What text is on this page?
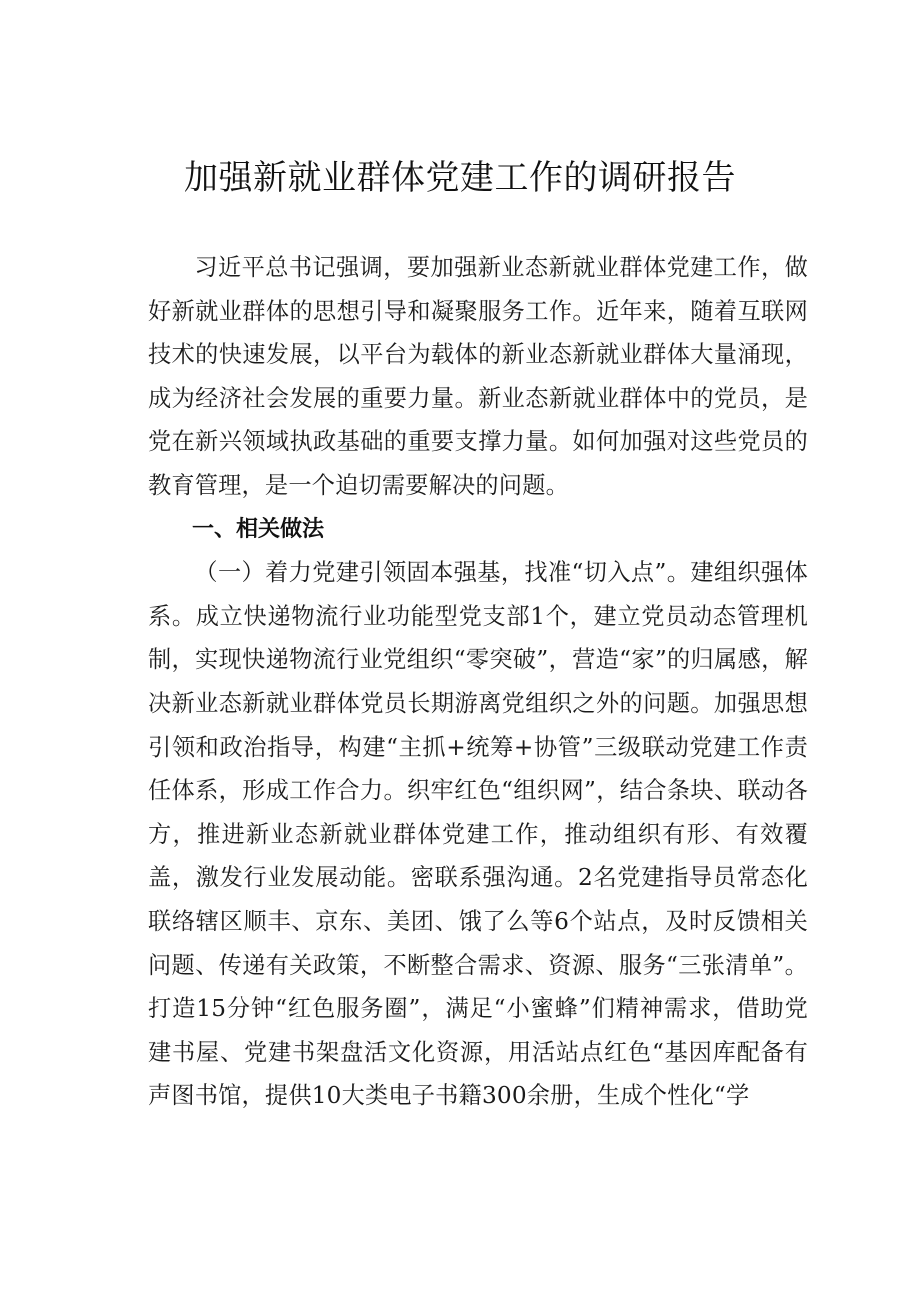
加强新就业群体党建工作的调研报告

习近平总书记强调，要加强新业态新就业群体党建工作，做好新就业群体的思想引导和凝聚服务工作。近年来，随着互联网技术的快速发展，以平台为载体的新业态新就业群体大量涌现，成为经济社会发展的重要力量。新业态新就业群体中的党员，是党在新兴领域执政基础的重要支撑力量。如何加强对这些党员的教育管理，是一个迫切需要解决的问题。

一、相关做法

（一）着力党建引领固本强基，找准“切入点”。建组织强体系。成立快递物流行业功能型党支部1个，建立党员动态管理机制，实现快递物流行业党组织“零突破”，营造“家”的归属感，解决新业态新就业群体党员长期游离党组织之外的问题。加强思想引领和政治指导，构建“主抓+统筹+协管”三级联动党建工作责任体系，形成工作合力。织牢红色“组织网”，结合条块、联动各方，推进新业态新就业群体党建工作，推动组织有形、有效覆盖，激发行业发展动能。密联系强沟通。2名党建指导员常态化联络辖区顺丰、京东、美团、饿了么等6个站点，及时反馈相关问题、传递有关政策，不断整合需求、资源、服务“三张清单”。打造15分钟“红色服务圈”，满足“小蜜蜂”们精神需求，借助党建书屋、党建书架盘活文化资源，用活站点红色“基因库配备有声图书馆，提供10大类电子书籍300余册，生成个性化“学
